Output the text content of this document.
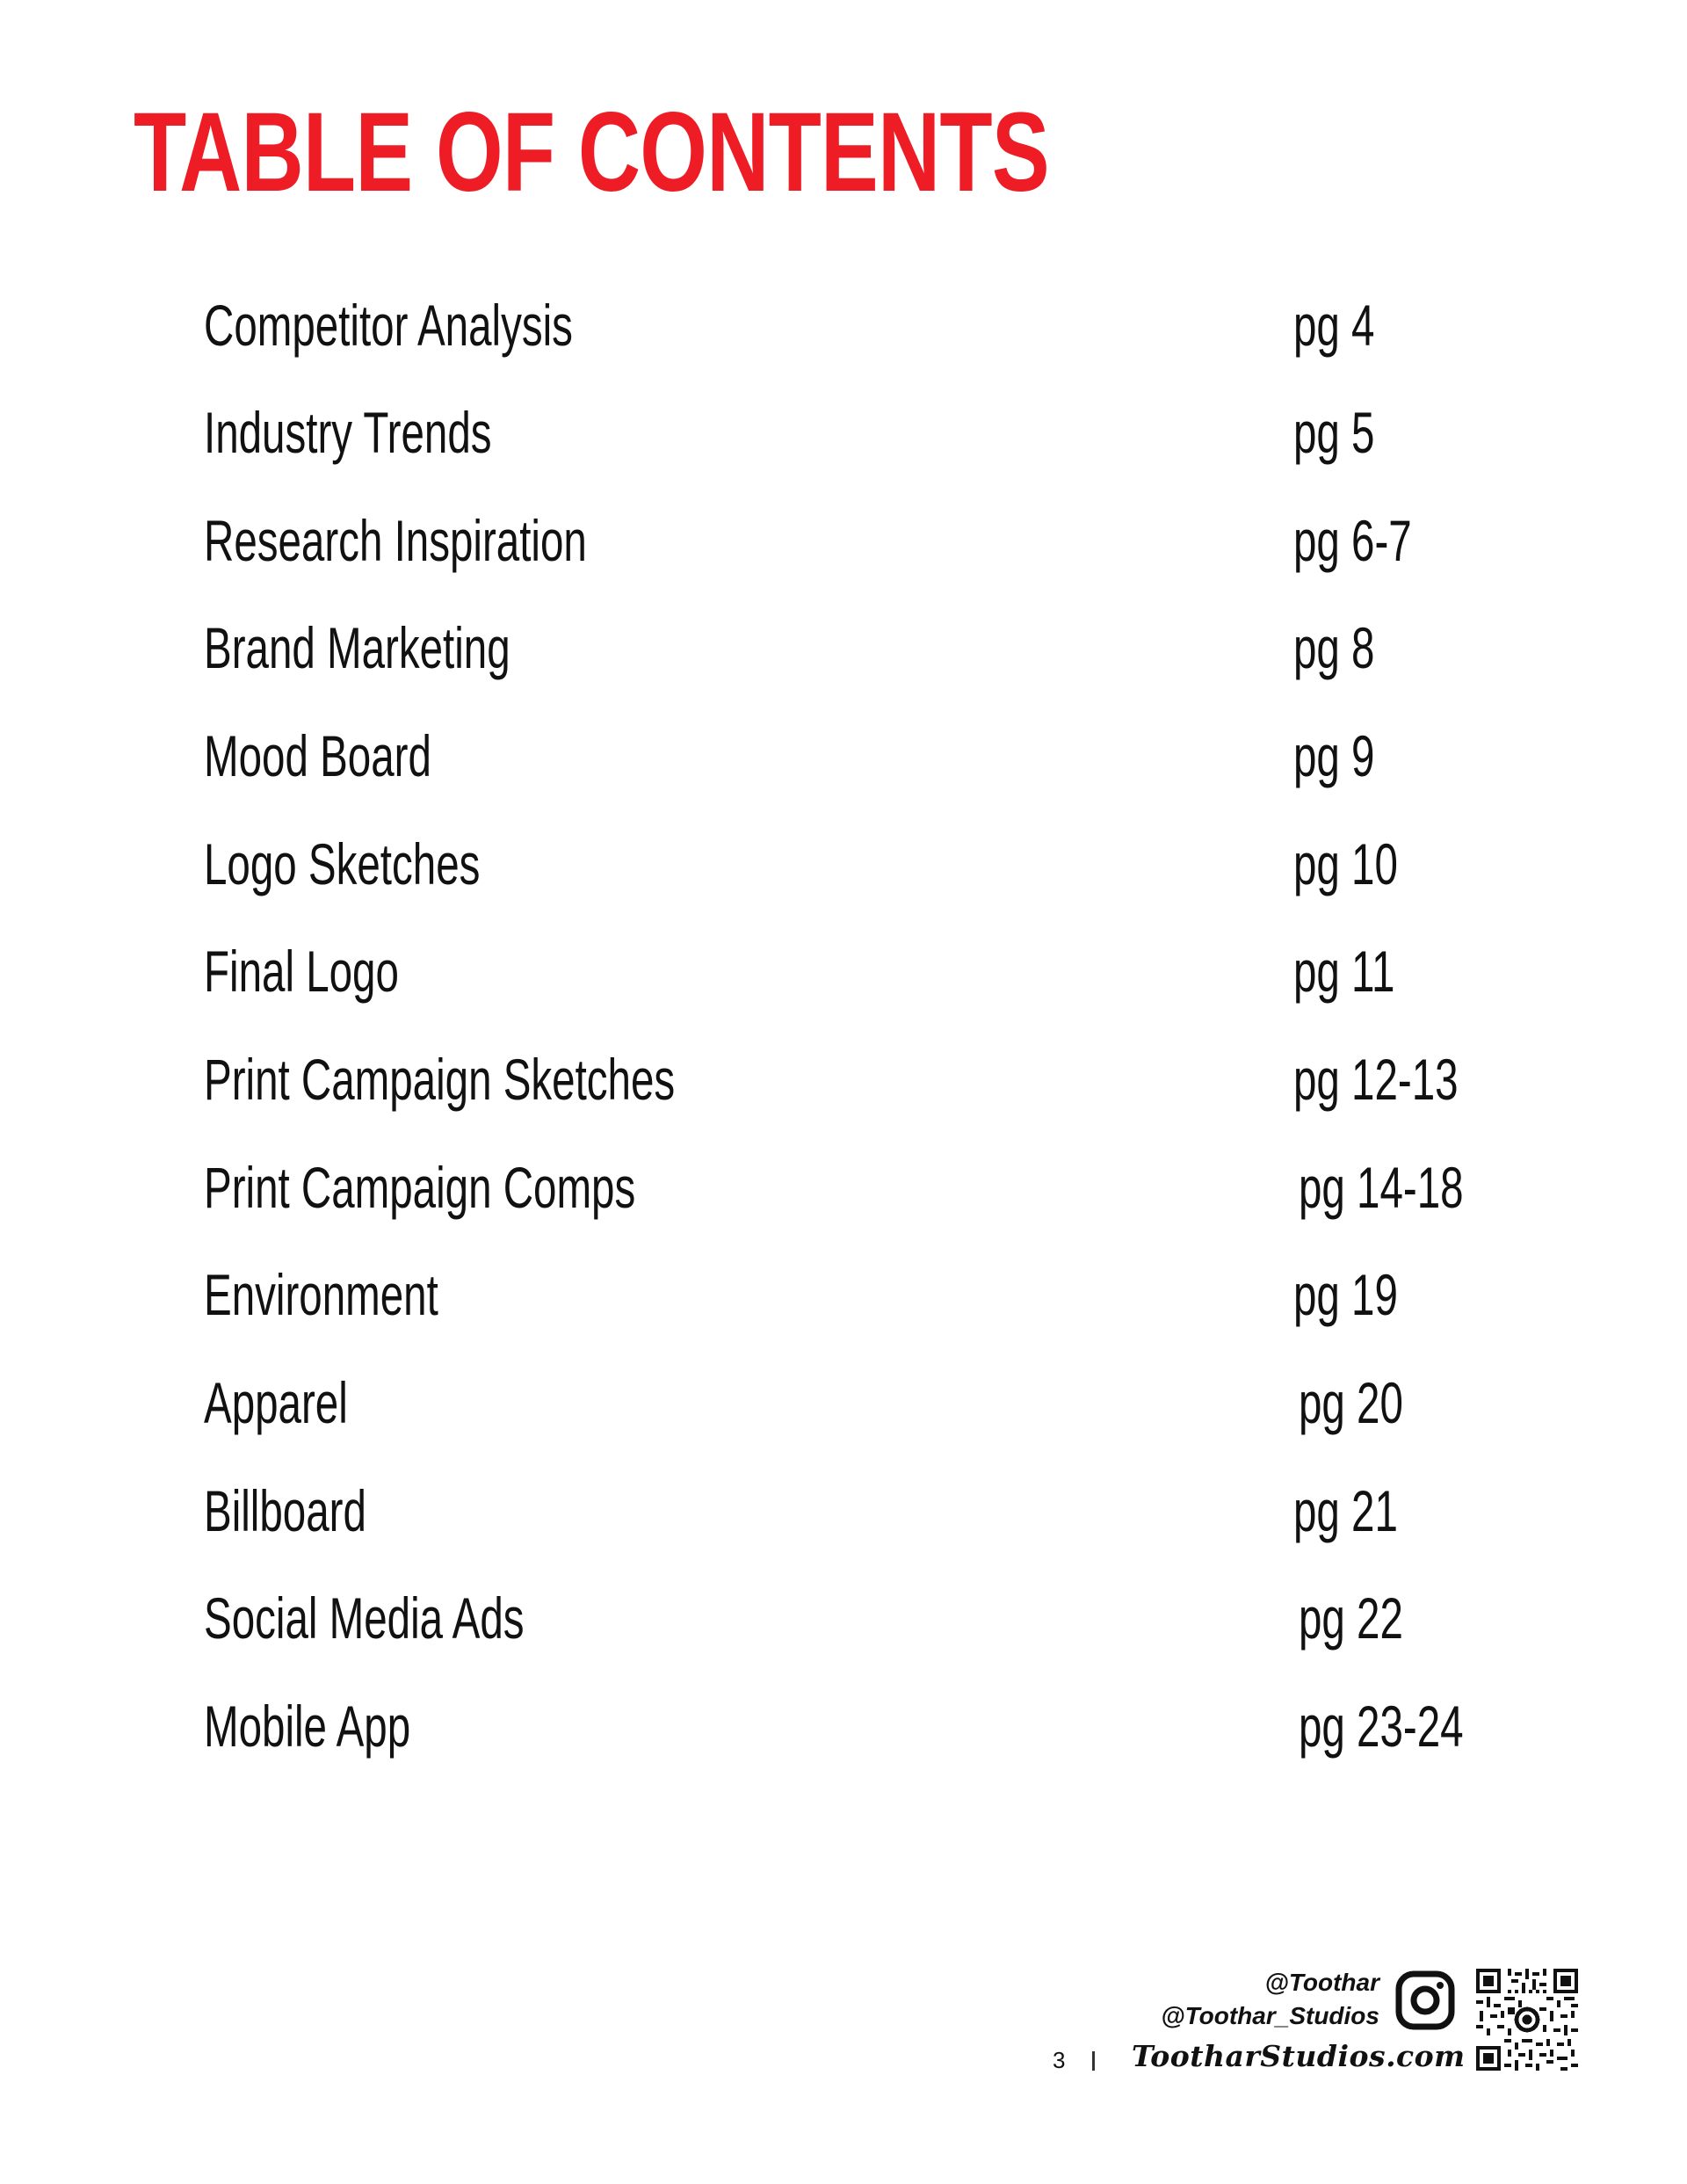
TABLE OF CONTENTS
Competitor Analysis	pg 4
Industry Trends	pg 5
Research Inspiration	pg 6-7
Brand Marketing	pg 8
Mood Board	pg 9
Logo Sketches	pg 10
Final Logo	pg 11
Print Campaign Sketches	pg 12-13
Print Campaign Comps	pg 14-18
Environment	pg 19
Apparel	pg 20
Billboard	pg 21
Social Media Ads	pg 22
Mobile App	pg 23-24
@Toothar
@Toothar_Studios
3 TootharStudios.com
